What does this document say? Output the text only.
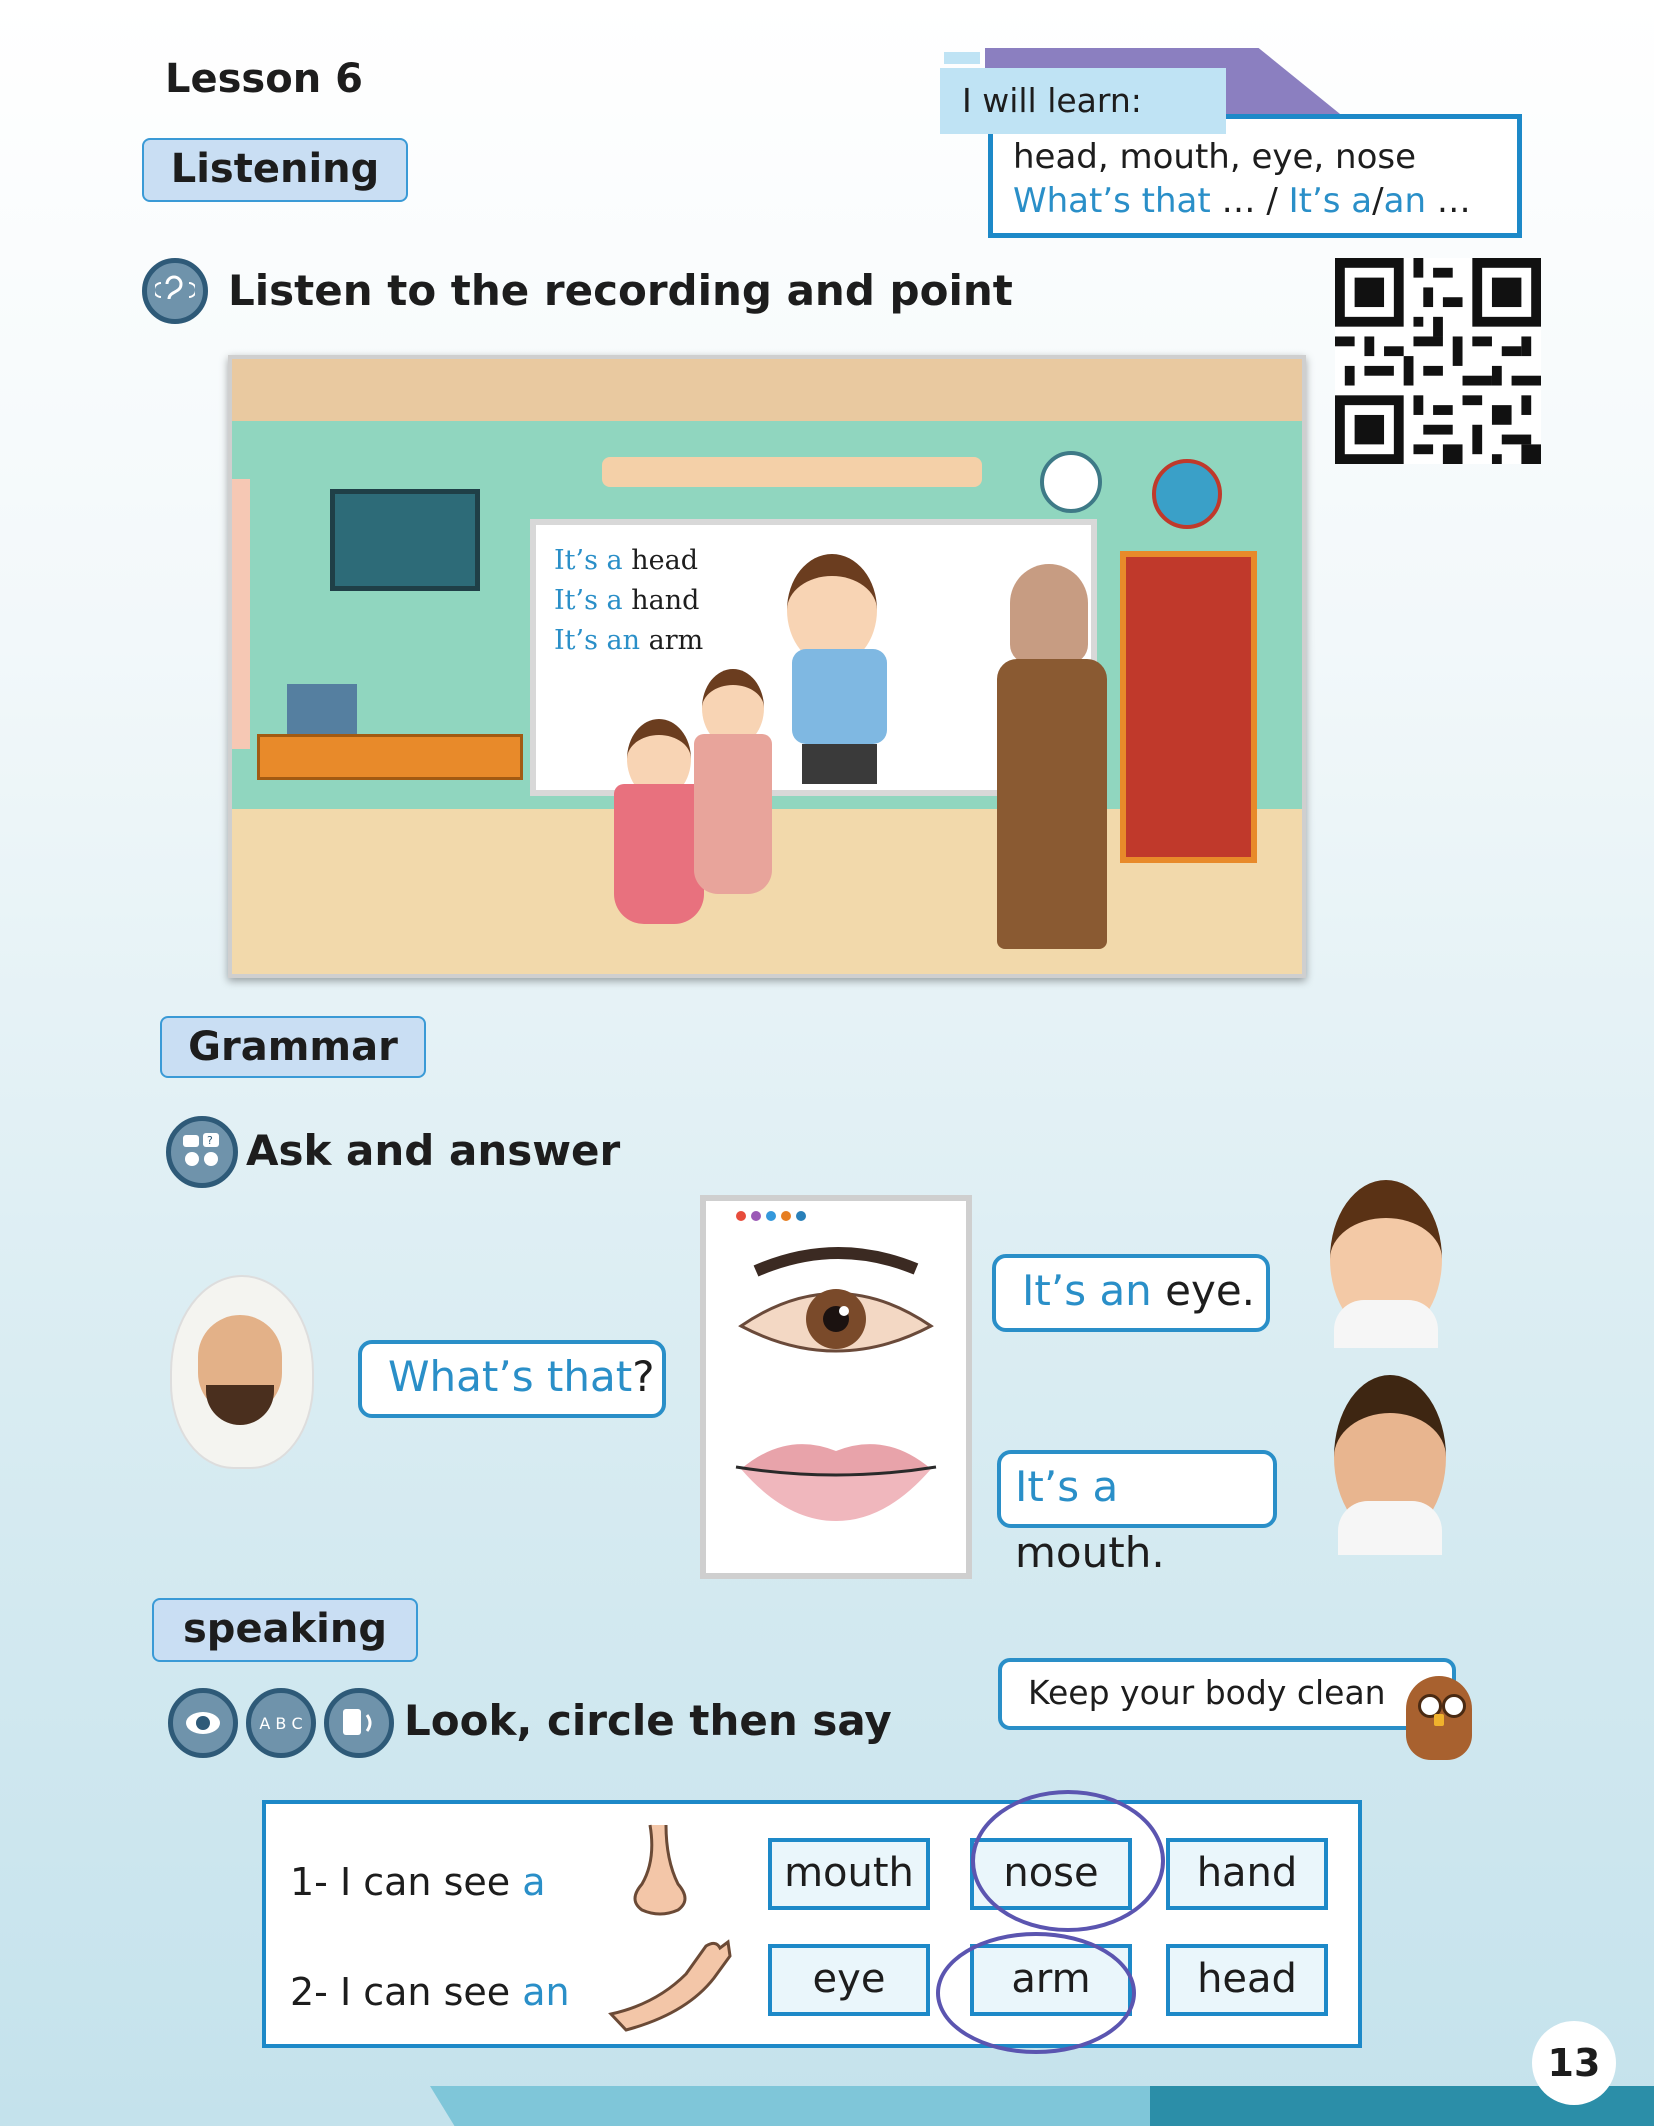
Lesson 6
Listening	head, mouth, eye, nose
What’s that … / It’s a/an …
I will learn:
Listen to the recording and point
It’s a head
It’s a hand
It’s an arm
Grammar
? Ask and answer
What’s that?
It’s an eye.
It’s a mouth.
speaking
A B C	Look, circle then say
Keep your body clean
1- I can see a	mouth	nose	hand
2- I can see an	eye	arm	head
13
